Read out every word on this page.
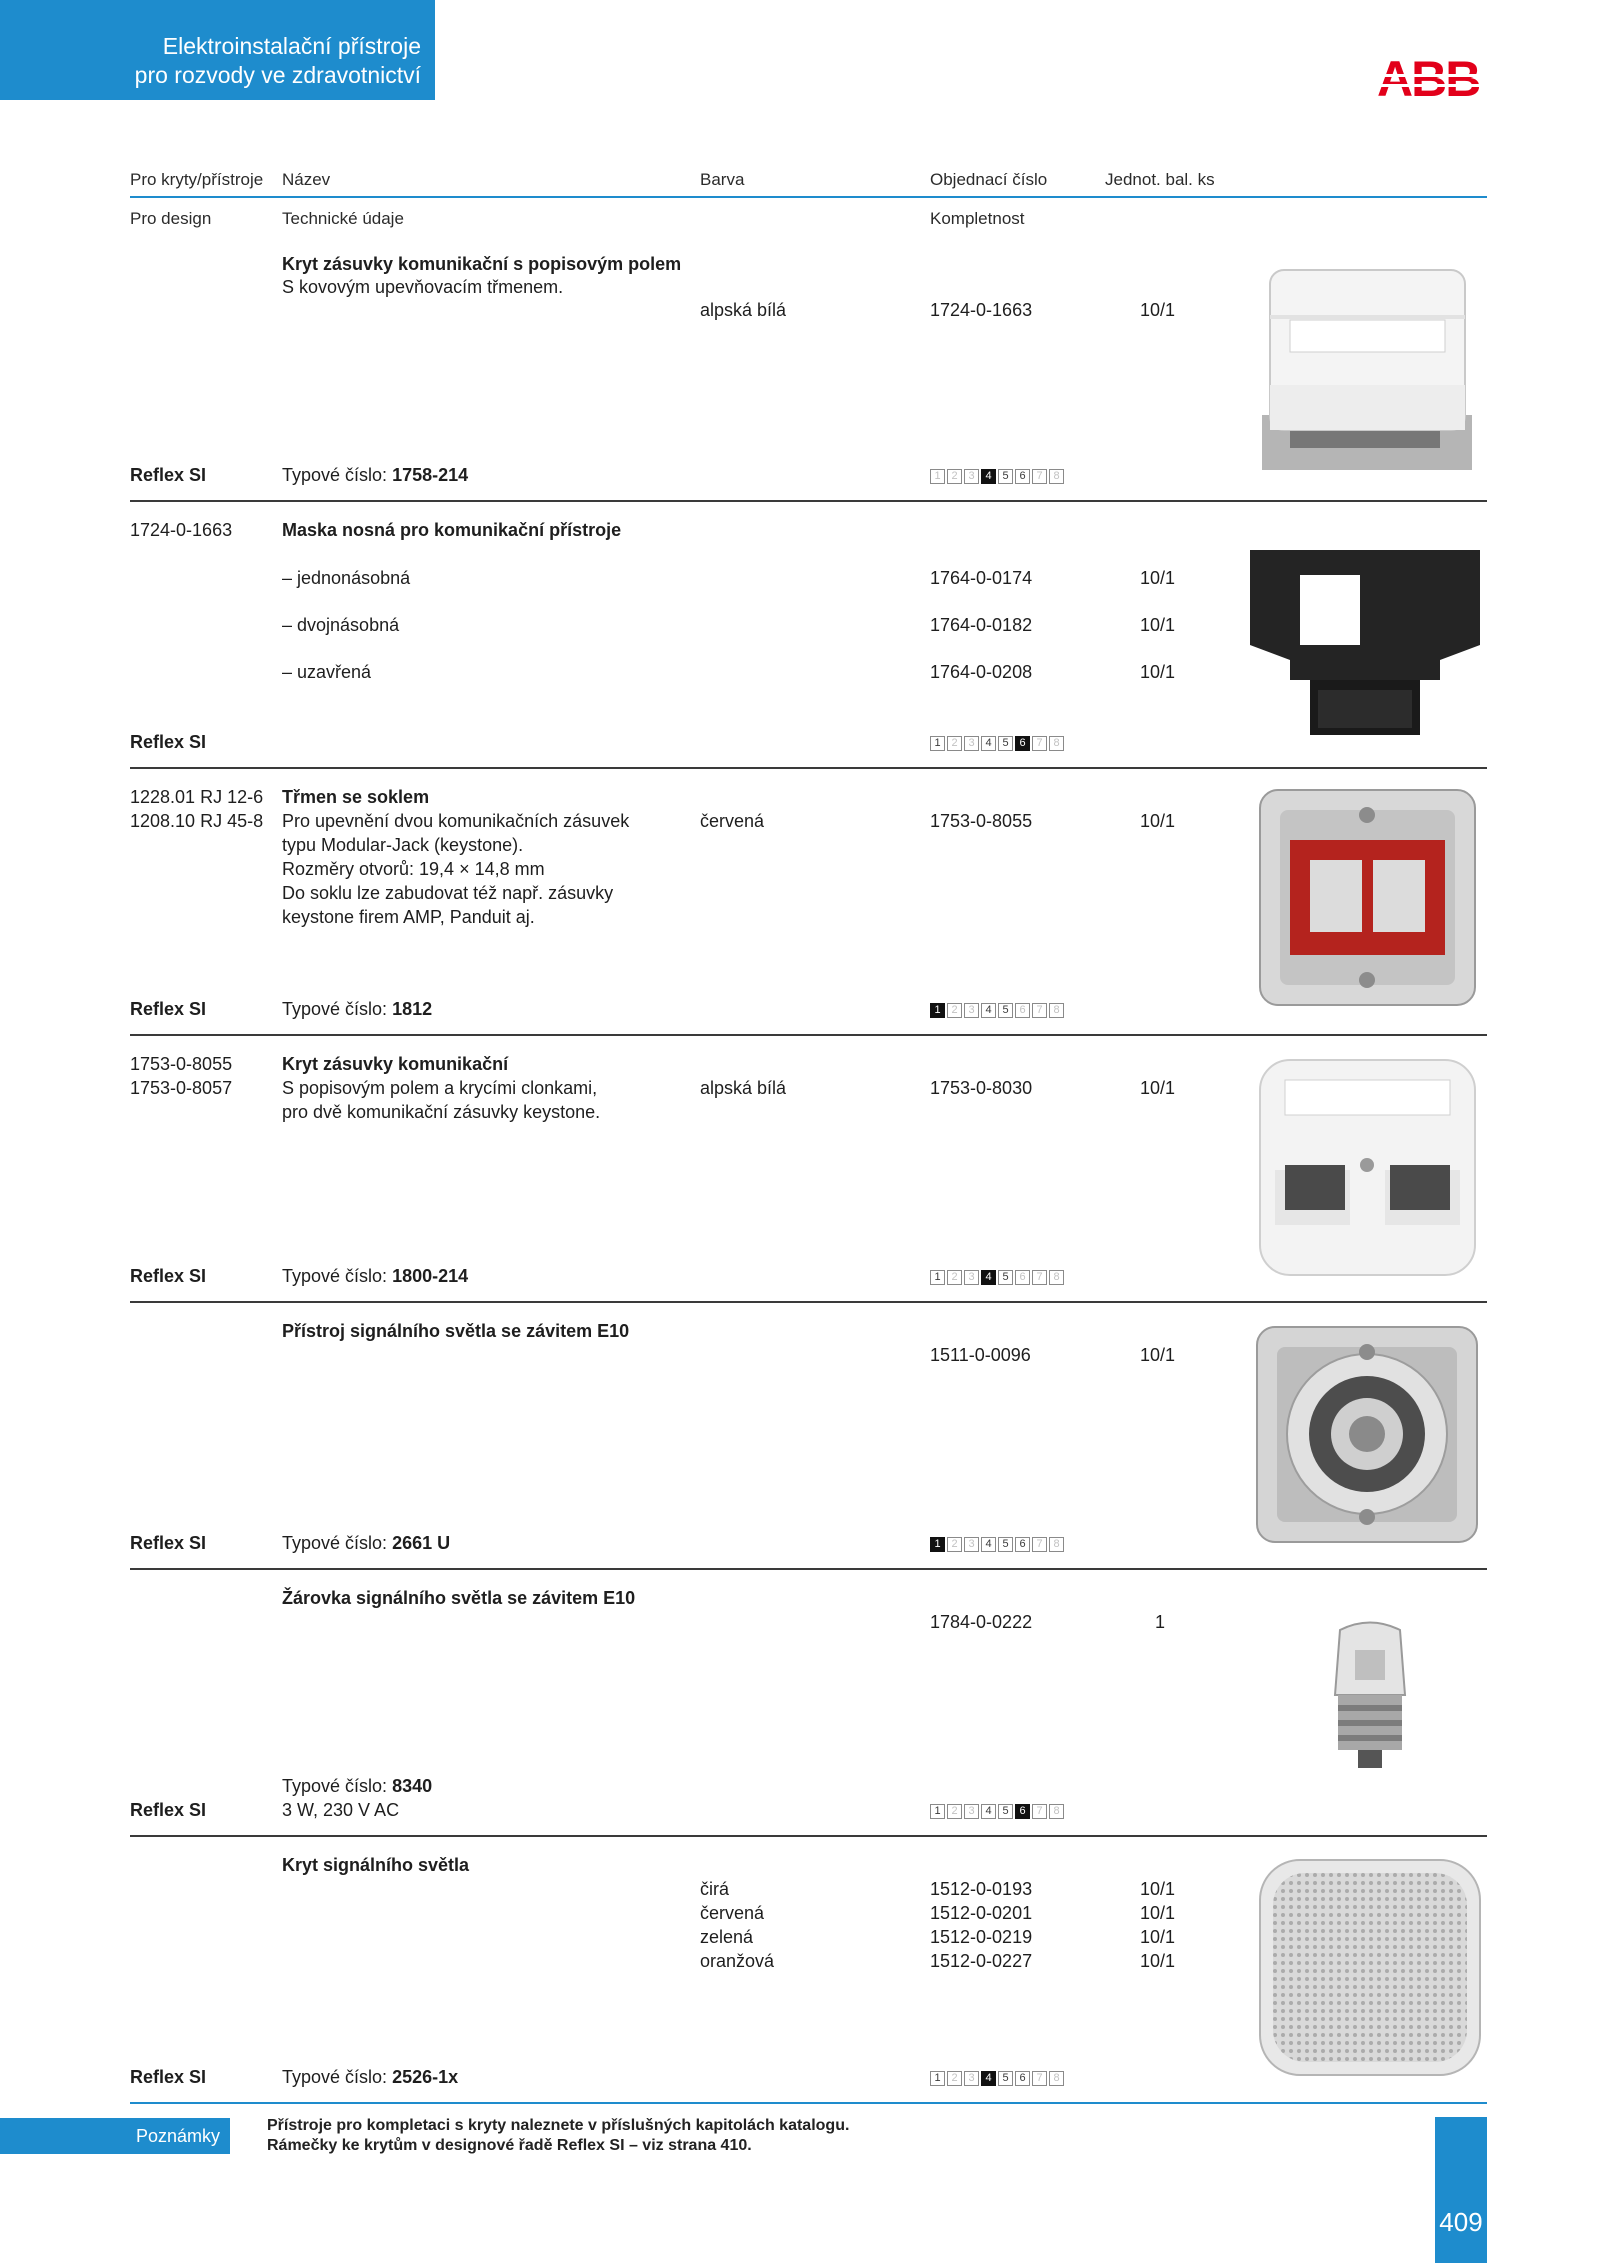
Elektroinstalační přístroje
pro rozvody ve zdravotnictví
Pro kryty/přístroje Název	Barva	Objednací číslo	Jednot. bal. ks
Pro design	Technické údaje	Kompletnost
Kryt zásuvky komunikační s popisovým polem
S kovovým upevňovacím třmenem.
alpská bílá	1724-0-1663	10/1
Reflex SI	Typové číslo: 1758-214	1 2 3 4 5 6 7 8
1724-0-1663	Maska nosná pro komunikační přístroje
– jednonásobná	1764-0-0174	10/1
– dvojnásobná	1764-0-0182	10/1
– uzavřená	1764-0-0208	10/1
Reflex SI	1 2 3 4 5 6 7 8
1228.01 RJ 12-6
1208.10 RJ 45-8
Třmen se soklem
Pro upevnění dvou komunikačních zásuvek
typu Modular-Jack (keystone).
Rozměry otvorů: 19,4 × 14,8 mm
Do soklu lze zabudovat též např. zásuvky
keystone firem AMP, Panduit aj.
červená	1753-0-8055	10/1
Reflex SI	Typové číslo: 1812	1 2 3 4 5 6 7 8
1753-0-8055
1753-0-8057
Kryt zásuvky komunikační
S popisovým polem a krycími clonkami,
pro dvě komunikační zásuvky keystone.
alpská bílá	1753-0-8030	10/1
Reflex SI	Typové číslo: 1800-214	1 2 3 4 5 6 7 8
Přístroj signálního světla se závitem E10
1511-0-0096	10/1
Reflex SI	Typové číslo: 2661 U	1 2 3 4 5 6 7 8
Žárovka signálního světla se závitem E10
1784-0-0222	1
Typové číslo: 8340
Reflex SI	3 W, 230 V AC	1 2 3 4 5 6 7 8
Kryt signálního světla
čirá	1512-0-0193	10/1
červená	1512-0-0201	10/1
zelená	1512-0-0219	10/1
oranžová	1512-0-0227	10/1
Reflex SI	Typové číslo: 2526-1x	1 2 3 4 5 6 7 8
Poznámky
Přístroje pro kompletaci s kryty naleznete v příslušných kapitolách katalogu.
Rámečky ke krytům v designové řadě Reflex SI – viz strana 410.
409
